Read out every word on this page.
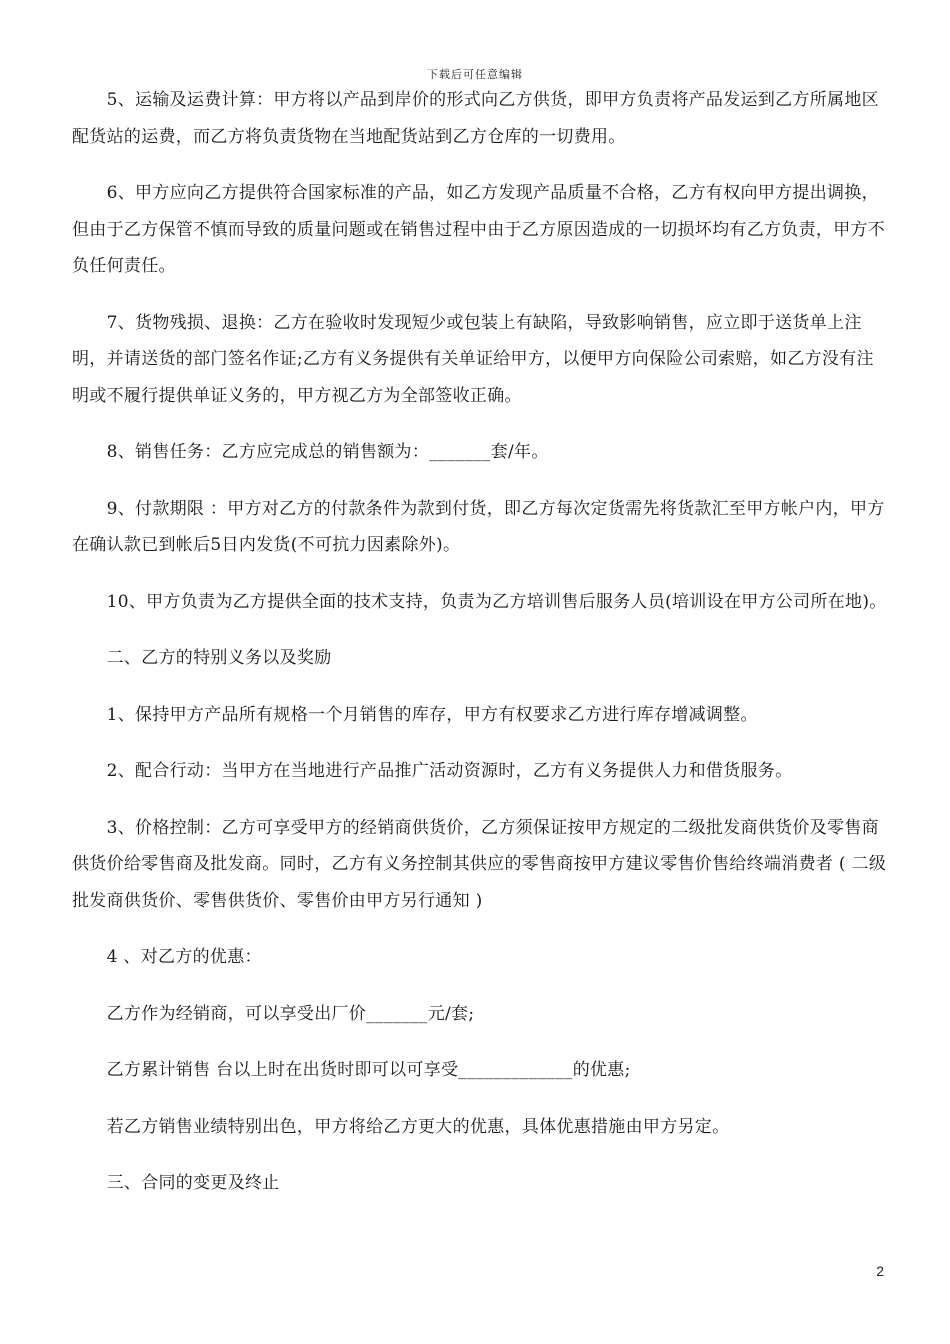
下载后可任意编辑

　　5、运输及运费计算：甲方将以产品到岸价的形式向乙方供货，即甲方负责将产品发运到乙方所属地区配货站的运费，而乙方将负责货物在当地配货站到乙方仓库的一切费用。

　　6、甲方应向乙方提供符合国家标准的产品，如乙方发现产品质量不合格，乙方有权向甲方提出调换，但由于乙方保管不慎而导致的质量问题或在销售过程中由于乙方原因造成的一切损坏均有乙方负责，甲方不负任何责任。

　　7、货物残损、退换：乙方在验收时发现短少或包装上有缺陷，导致影响销售，应立即于送货单上注明，并请送货的部门签名作证;乙方有义务提供有关单证给甲方，以便甲方向保险公司索赔，如乙方没有注明或不履行提供单证义务的，甲方视乙方为全部签收正确。

　　8、销售任务：乙方应完成总的销售额为：_______套/年。

　　9、付款期限 ：甲方对乙方的付款条件为款到付货，即乙方每次定货需先将货款汇至甲方帐户内，甲方在确认款已到帐后5日内发货(不可抗力因素除外)。

　　10、甲方负责为乙方提供全面的技术支持，负责为乙方培训售后服务人员(培训设在甲方公司所在地)。

　　二、乙方的特别义务以及奖励

　　1、保持甲方产品所有规格一个月销售的库存，甲方有权要求乙方进行库存增减调整。

　　2、配合行动：当甲方在当地进行产品推广活动资源时，乙方有义务提供人力和借货服务。

　　3、价格控制：乙方可享受甲方的经销商供货价，乙方须保证按甲方规定的二级批发商供货价及零售商供货价给零售商及批发商。同时，乙方有义务控制其供应的零售商按甲方建议零售价售给终端消费者 ( 二级批发商供货价、零售供货价、零售价由甲方另行通知 )

　　4 、对乙方的优惠：

　　乙方作为经销商，可以享受出厂价_______元/套;

　　乙方累计销售 台以上时在出货时即可以可享受_____________的优惠;

　　若乙方销售业绩特别出色，甲方将给乙方更大的优惠，具体优惠措施由甲方另定。

　　三、合同的变更及终止

2
